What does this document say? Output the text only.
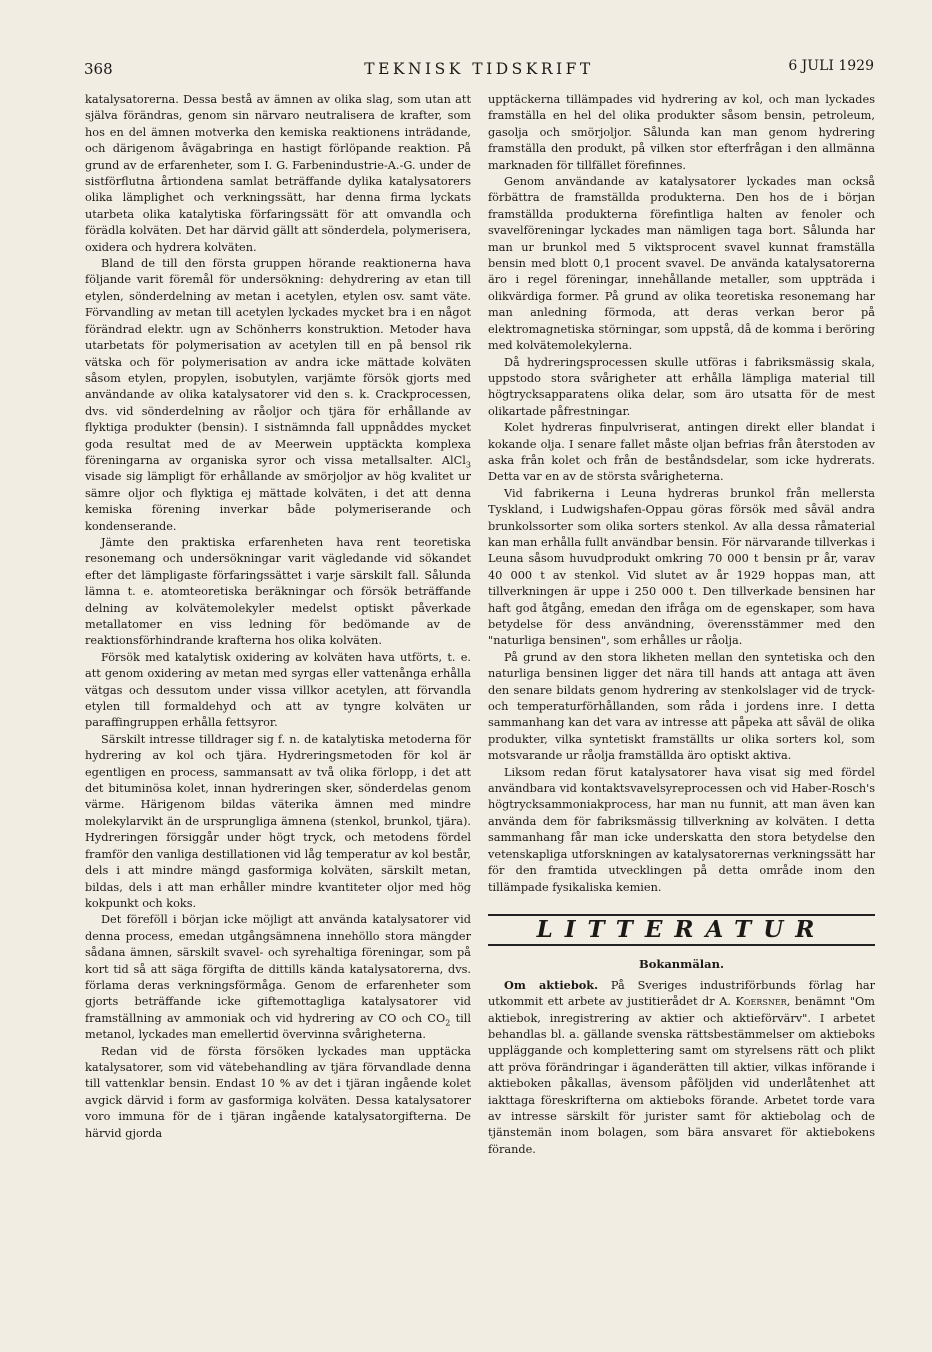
368	TEKNISK TIDSKRIFT	6 JULI 1929

katalysatorerna. Dessa bestå av ämnen av olika slag, som utan att själva förändras, genom sin närvaro neutralisera de krafter, som hos en del ämnen motverka den kemiska reaktionens inträdande, och därigenom åvägabringa en hastigt förlöpande reaktion. På grund av de erfarenheter, som I. G. Farbenindustrie-A.-G. under de sistförflutna årtiondena samlat beträffande dylika katalysatorers olika lämplighet och verkningssätt, har denna firma lyckats utarbeta olika katalytiska förfaringssätt för att omvandla och förädla kolväten. Det har därvid gällt att sönderdela, polymerisera, oxidera och hydrera kolväten.

Bland de till den första gruppen hörande reaktionerna hava följande varit föremål för undersökning: dehydrering av etan till etylen, sönderdelning av metan i acetylen, etylen osv. samt väte. Förvandling av metan till acetylen lyckades mycket bra i en något förändrad elektr. ugn av Schönherrs konstruktion. Metoder hava utarbetats för polymerisation av acetylen till en på bensol rik vätska och för polymerisation av andra icke mättade kolväten såsom etylen, propylen, isobutylen, varjämte försök gjorts med användande av olika katalysatorer vid den s. k. Crackprocessen, dvs. vid sönderdelning av råoljor och tjära för erhållande av flyktiga produkter (bensin). I sistnämnda fall uppnåddes mycket goda resultat med de av Meerwein upptäckta komplexa föreningarna av organiska syror och vissa metallsalter. AlCl$_3$ visade sig lämpligt för erhållande av smörjoljor av hög kvalitet ur sämre oljor och flyktiga ej mättade kolväten, i det att denna kemiska förening inverkar både polymeriserande och kondenserande.

Jämte den praktiska erfarenheten hava rent teoretiska resonemang och undersökningar varit vägledande vid sökandet efter det lämpligaste förfaringssättet i varje särskilt fall. Sålunda lämna t. e. atomteoretiska beräkningar och försök beträffande delning av kolvätemolekyler medelst optiskt påverkade metallatomer en viss ledning för bedömande av de reaktionsförhindrande krafterna hos olika kolväten.

Försök med katalytisk oxidering av kolväten hava utförts, t. e. att genom oxidering av metan med syrgas eller vattenånga erhålla vätgas och dessutom under vissa villkor acetylen, att förvandla etylen till formaldehyd och att av tyngre kolväten ur paraffingruppen erhålla fettsyror.

Särskilt intresse tilldrager sig f. n. de katalytiska metoderna för hydrering av kol och tjära. Hydreringsmetoden för kol är egentligen en process, sammansatt av två olika förlopp, i det att det bituminösa kolet, innan hydreringen sker, sönderdelas genom värme. Härigenom bildas väterika ämnen med mindre molekylarvikt än de ursprungliga ämnena (stenkol, brunkol, tjära). Hydreringen försiggår under högt tryck, och metodens fördel framför den vanliga destillationen vid låg temperatur av kol består, dels i att mindre mängd gasformiga kolväten, särskilt metan, bildas, dels i att man erhåller mindre kvantiteter oljor med hög kokpunkt och koks.

Det föreföll i början icke möjligt att använda katalysatorer vid denna process, emedan utgångsämnena innehöllo stora mängder sådana ämnen, särskilt svavel- och syrehaltiga föreningar, som på kort tid så att säga förgifta de dittills kända katalysatorerna, dvs. förlama deras verkningsförmåga. Genom de erfarenheter som gjorts beträffande icke giftemottagliga katalysatorer vid framställning av ammoniak och vid hydrering av CO och $CO_2$ till metanol, lyckades man emellertid övervinna svårigheterna.

Redan vid de första försöken lyckades man upptäcka katalysatorer, som vid vätebehandling av tjära förvandlade denna till vattenklar bensin. Endast 10 % av det i tjäran ingående kolet avgick därvid i form av gasformiga kolväten. Dessa katalysatorer voro immuna för de i tjäran ingående katalysatorgifterna. De härvid gjorda

upptäckerna tillämpades vid hydrering av kol, och man lyckades framställa en hel del olika produkter såsom bensin, petroleum, gasolja och smörjoljor. Sålunda kan man genom hydrering framställa den produkt, på vilken stor efterfrågan i den allmänna marknaden för tillfället förefinnes.

Genom användande av katalysatorer lyckades man också förbättra de framställda produkterna. Den hos de i början framställda produkterna förefintliga halten av fenoler och svavelföreningar lyckades man nämligen taga bort. Sålunda har man ur brunkol med 5 viktsprocent svavel kunnat framställa bensin med blott 0,1 procent svavel. De använda katalysatorerna äro i regel föreningar, innehållande metaller, som uppträda i olikvärdiga former. På grund av olika teoretiska resonemang har man anledning förmoda, att deras verkan beror på elektromagnetiska störningar, som uppstå, då de komma i beröring med kolvätemolekylerna.

Då hydreringsprocessen skulle utföras i fabriksmässig skala, uppstodo stora svårigheter att erhålla lämpliga material till högtrycksapparatens olika delar, som äro utsatta för de mest olikartade påfrestningar.

Kolet hydreras finpulvriserat, antingen direkt eller blandat i kokande olja. I senare fallet måste oljan befrias från återstoden av aska från kolet och från de beståndsdelar, som icke hydrerats. Detta var en av de största svårigheterna.

Vid fabrikerna i Leuna hydreras brunkol från mellersta Tyskland, i Ludwigshafen-Oppau göras försök med såväl andra brunkolssorter som olika sorters stenkol. Av alla dessa råmaterial kan man erhålla fullt användbar bensin. För närvarande tillverkas i Leuna såsom huvudprodukt omkring 70 000 t bensin pr år, varav 40 000 t av stenkol. Vid slutet av år 1929 hoppas man, att tillverkningen är uppe i 250 000 t. Den tillverkade bensinen har haft god åtgång, emedan den ifråga om de egenskaper, som hava betydelse för dess användning, överensstämmer med den "naturliga bensinen", som erhålles ur råolja.

På grund av den stora likheten mellan den syntetiska och den naturliga bensinen ligger det nära till hands att antaga att även den senare bildats genom hydrering av stenkolslager vid de tryck- och temperaturförhållanden, som råda i jordens inre. I detta sammanhang kan det vara av intresse att påpeka att såväl de olika produkter, vilka syntetiskt framställts ur olika sorters kol, som motsvarande ur råolja framställda äro optiskt aktiva.

Liksom redan förut katalysatorer hava visat sig med fördel användbara vid kontaktsvavelsyreprocessen och vid Haber-Rosch's högtrycksammoniakprocess, har man nu funnit, att man även kan använda dem för fabriksmässig tillverkning av kolväten. I detta sammanhang får man icke underskatta den stora betydelse den vetenskapliga utforskningen av katalysatorernas verkningssätt har för den framtida utvecklingen på detta område inom den tillämpade fysikaliska kemien.

LITTERATUR
Bokanmälan.

Om aktiebok. På Sveriges industriförbunds förlag har utkommit ett arbete av justitierådet dr A. Koersner, benämnt "Om aktiebok, inregistrering av aktier och aktieförvärv". I arbetet behandlas bl. a. gällande svenska rättsbestämmelser om aktieboks uppläggande och komplettering samt om styrelsens rätt och plikt att pröva förändringar i äganderätten till aktier, vilkas införande i aktieboken påkallas, ävensom påföljden vid underlåtenhet att iakttaga föreskrifterna om aktieboks förande. Arbetet torde vara av intresse särskilt för jurister samt för aktiebolag och de tjänstemän inom bolagen, som bära ansvaret för aktiebokens förande.
